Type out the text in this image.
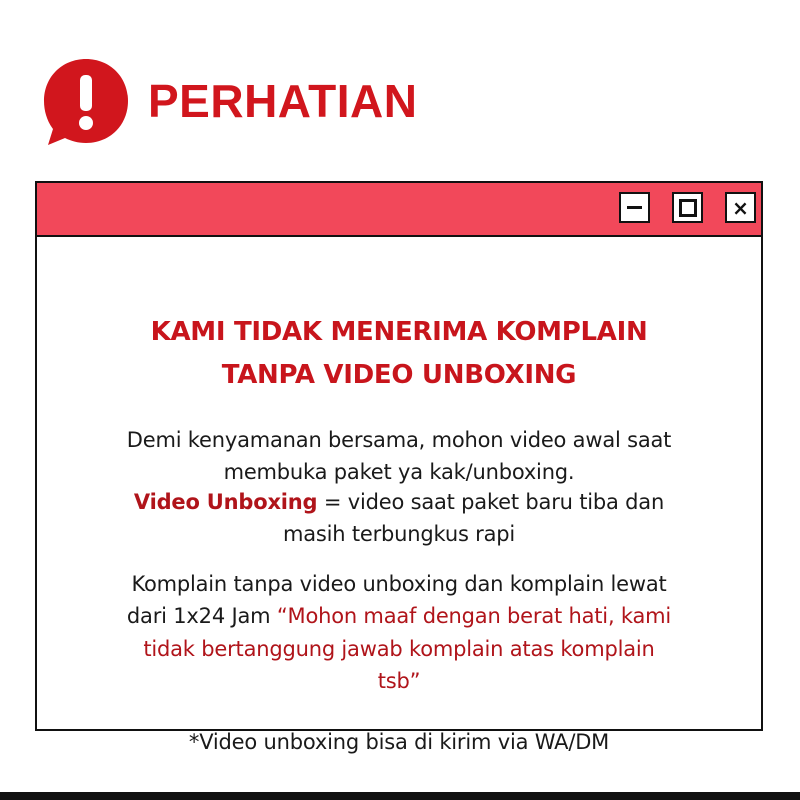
PERHATIAN
×
KAMI TIDAK MENERIMA KOMPLAIN
TANPA VIDEO UNBOXING
Demi kenyamanan bersama, mohon video awal saat
membuka paket ya kak/unboxing.
Video Unboxing = video saat paket baru tiba dan
masih terbungkus rapi
Komplain tanpa video unboxing dan komplain lewat
dari 1x24 Jam “Mohon maaf dengan berat hati, kami
tidak bertanggung jawab komplain atas komplain
tsb”
*Video unboxing bisa di kirim via WA/DM
